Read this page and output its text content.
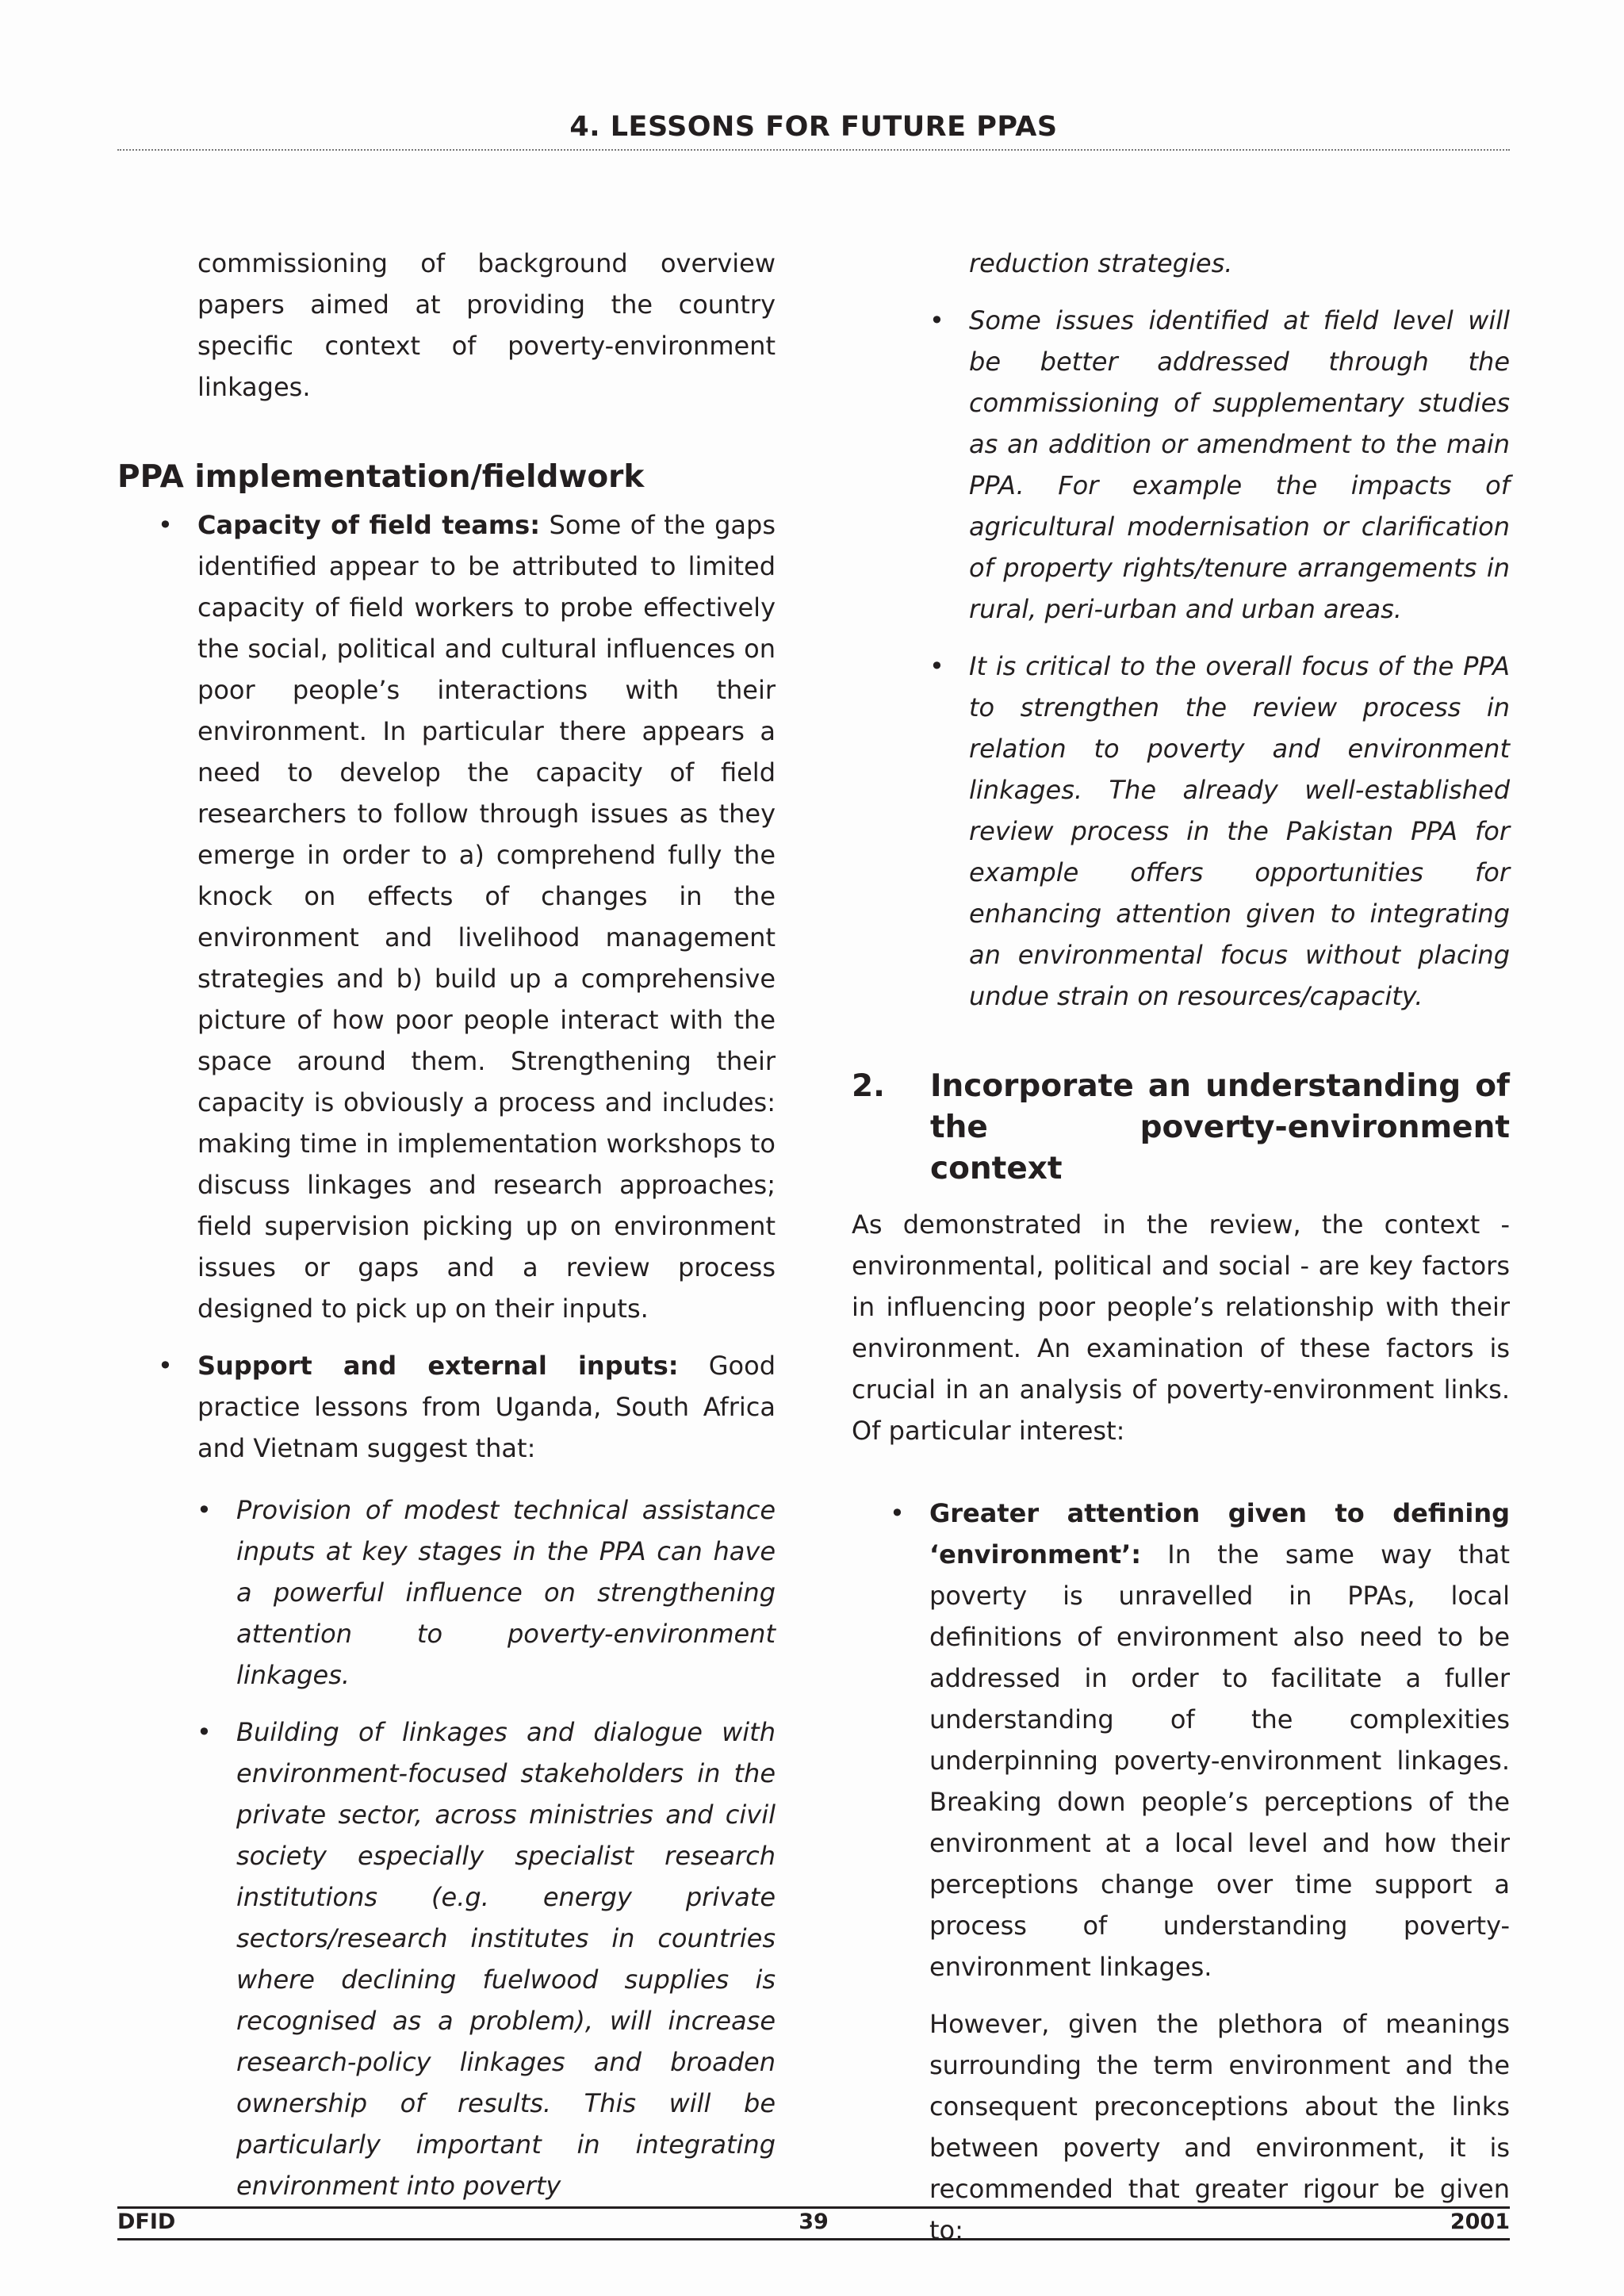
4. LESSONS FOR FUTURE PPAS

commissioning of background overview papers aimed at providing the country specific context of poverty-environment linkages.

PPA implementation/fieldwork
• Capacity of field teams: Some of the gaps identified appear to be attributed to limited capacity of field workers to probe effectively the social, political and cultural influences on poor people’s interactions with their environment. In particular there appears a need to develop the capacity of field researchers to follow through issues as they emerge in order to a) comprehend fully the knock on effects of changes in the environment and livelihood management strategies and b) build up a comprehensive picture of how poor people interact with the space around them. Strengthening their capacity is obviously a process and includes: making time in implementation workshops to discuss linkages and research approaches; field supervision picking up on environment issues or gaps and a review process designed to pick up on their inputs.
• Support and external inputs: Good practice lessons from Uganda, South Africa and Vietnam suggest that:
• Provision of modest technical assistance inputs at key stages in the PPA can have a powerful influence on strengthening attention to poverty-environment linkages.
• Building of linkages and dialogue with environment-focused stakeholders in the private sector, across ministries and civil society especially specialist research institutions (e.g. energy private sectors/research institutes in countries where declining fuelwood supplies is recognised as a problem), will increase research-policy linkages and broaden ownership of results. This will be particularly important in integrating environment into poverty

reduction strategies.

• Some issues identified at field level will be better addressed through the commissioning of supplementary studies as an addition or amendment to the main PPA. For example the impacts of agricultural modernisation or clarification of property rights/tenure arrangements in rural, peri-urban and urban areas.
• It is critical to the overall focus of the PPA to strengthen the review process in relation to poverty and environment linkages. The already well-established review process in the Pakistan PPA for example offers opportunities for enhancing attention given to integrating an environmental focus without placing undue strain on resources/capacity.
2. Incorporate an understanding of the poverty-environment context

As demonstrated in the review, the context - environmental, political and social - are key factors in influencing poor people’s relationship with their environment. An examination of these factors is crucial in an analysis of poverty-environment links. Of particular interest:

• Greater attention given to defining ‘environment’: In the same way that poverty is unravelled in PPAs, local definitions of environment also need to be addressed in order to facilitate a fuller understanding of the complexities underpinning poverty-environment linkages. Breaking down people’s perceptions of the environment at a local level and how their perceptions change over time support a process of understanding poverty-environment linkages.

However, given the plethora of meanings surrounding the term environment and the consequent preconceptions about the links between poverty and environment, it is recommended that greater rigour be given to:

DFID	39	2001
